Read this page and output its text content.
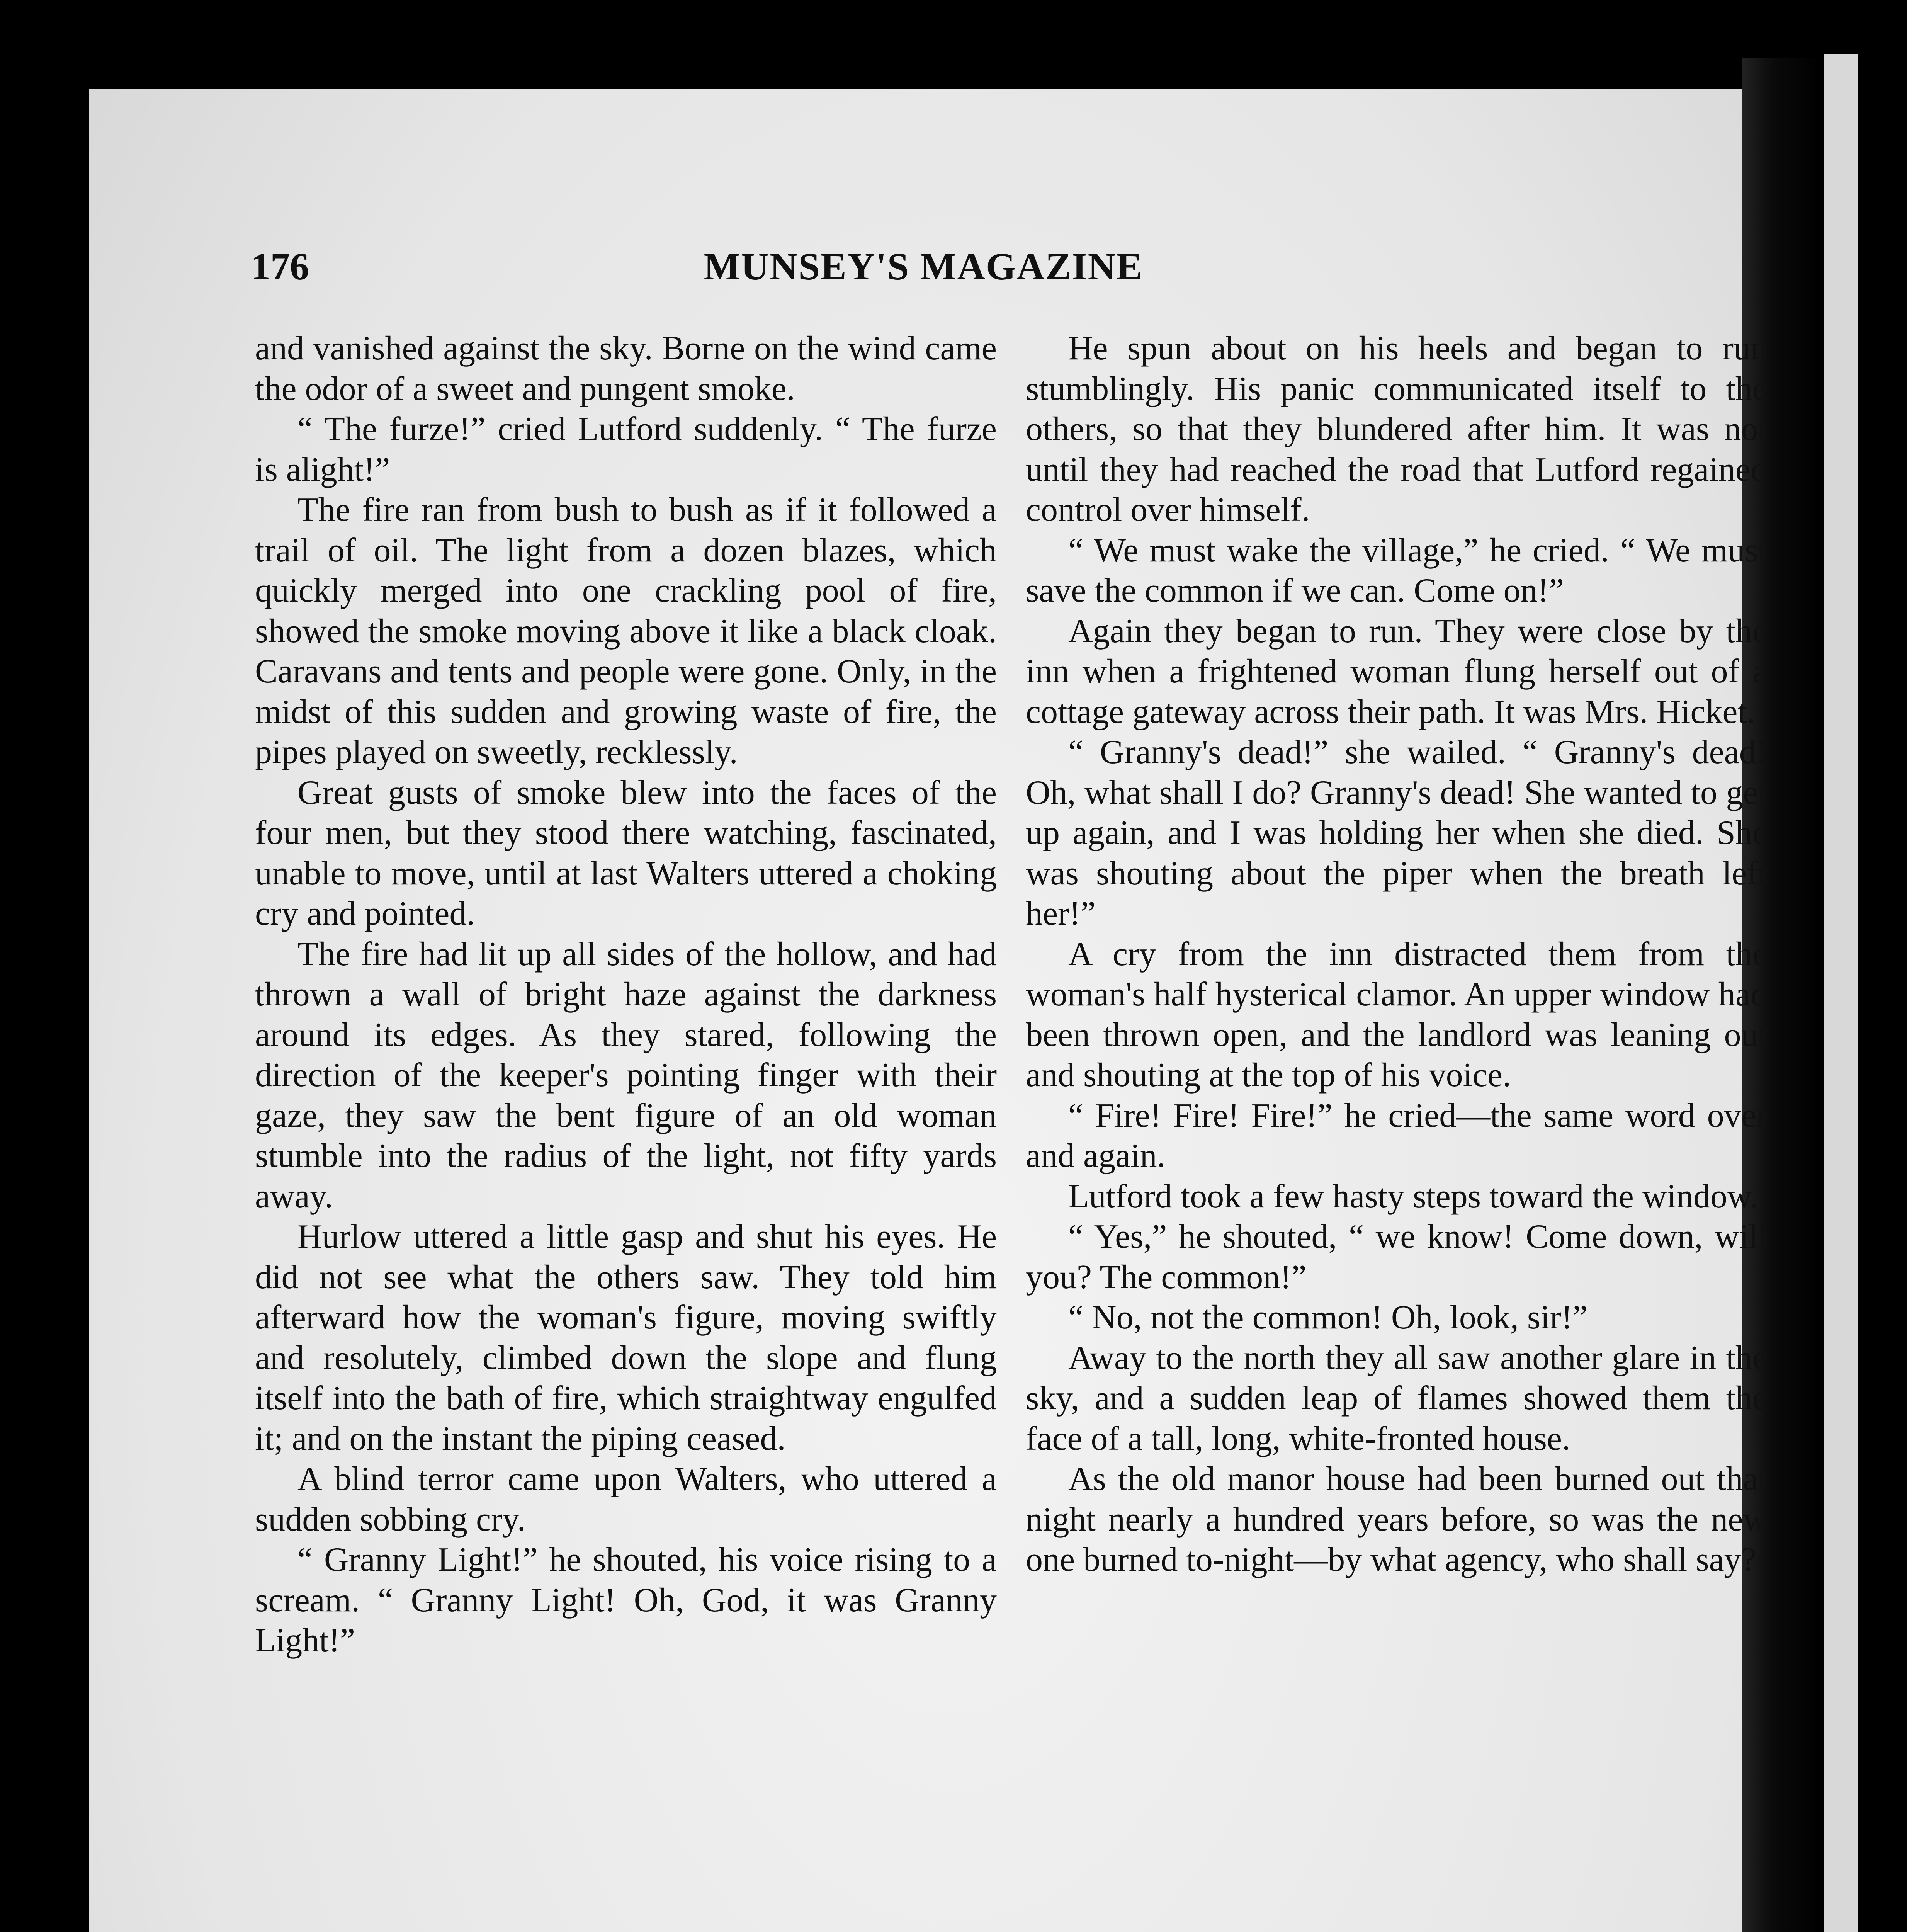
176	MUNSEY'S MAGAZINE

and vanished against the sky. Borne on the wind came the odor of a sweet and pungent smoke.

“ The furze!” cried Lutford suddenly. “ The furze is alight!”

The fire ran from bush to bush as if it followed a trail of oil. The light from a dozen blazes, which quickly merged into one crackling pool of fire, showed the smoke moving above it like a black cloak. Caravans and tents and people were gone. Only, in the midst of this sudden and growing waste of fire, the pipes played on sweetly, recklessly.

Great gusts of smoke blew into the faces of the four men, but they stood there watching, fascinated, unable to move, until at last Walters uttered a choking cry and pointed.

The fire had lit up all sides of the hollow, and had thrown a wall of bright haze against the darkness around its edges. As they stared, following the direction of the keeper's pointing finger with their gaze, they saw the bent figure of an old woman stumble into the radius of the light, not fifty yards away.

Hurlow uttered a little gasp and shut his eyes. He did not see what the others saw. They told him afterward how the woman's figure, moving swiftly and resolutely, climbed down the slope and flung itself into the bath of fire, which straightway engulfed it; and on the instant the piping ceased.

A blind terror came upon Walters, who uttered a sudden sobbing cry.

“ Granny Light!” he shouted, his voice rising to a scream. “ Granny Light! Oh, God, it was Granny Light!”

He spun about on his heels and began to run stumblingly. His panic communicated itself to the others, so that they blundered after him. It was not until they had reached the road that Lutford regained control over himself.

“ We must wake the village,” he cried. “ We must save the common if we can. Come on!”

Again they began to run. They were close by the inn when a frightened woman flung herself out of a cottage gateway across their path. It was Mrs. Hicket.

“ Granny's dead!” she wailed. “ Granny's dead! Oh, what shall I do? Granny's dead! She wanted to get up again, and I was holding her when she died. She was shouting about the piper when the breath left her!”

A cry from the inn distracted them from the woman's half hysterical clamor. An upper window had been thrown open, and the landlord was leaning out and shouting at the top of his voice.

“ Fire! Fire! Fire!” he cried—the same word over and again.

Lutford took a few hasty steps toward the window.

“ Yes,” he shouted, “ we know! Come down, will you? The common!”

“ No, not the common! Oh, look, sir!”

Away to the north they all saw another glare in the sky, and a sudden leap of flames showed them the face of a tall, long, white-fronted house.

As the old manor house had been burned out that night nearly a hundred years before, so was the new one burned to-night—by what agency, who shall say?
